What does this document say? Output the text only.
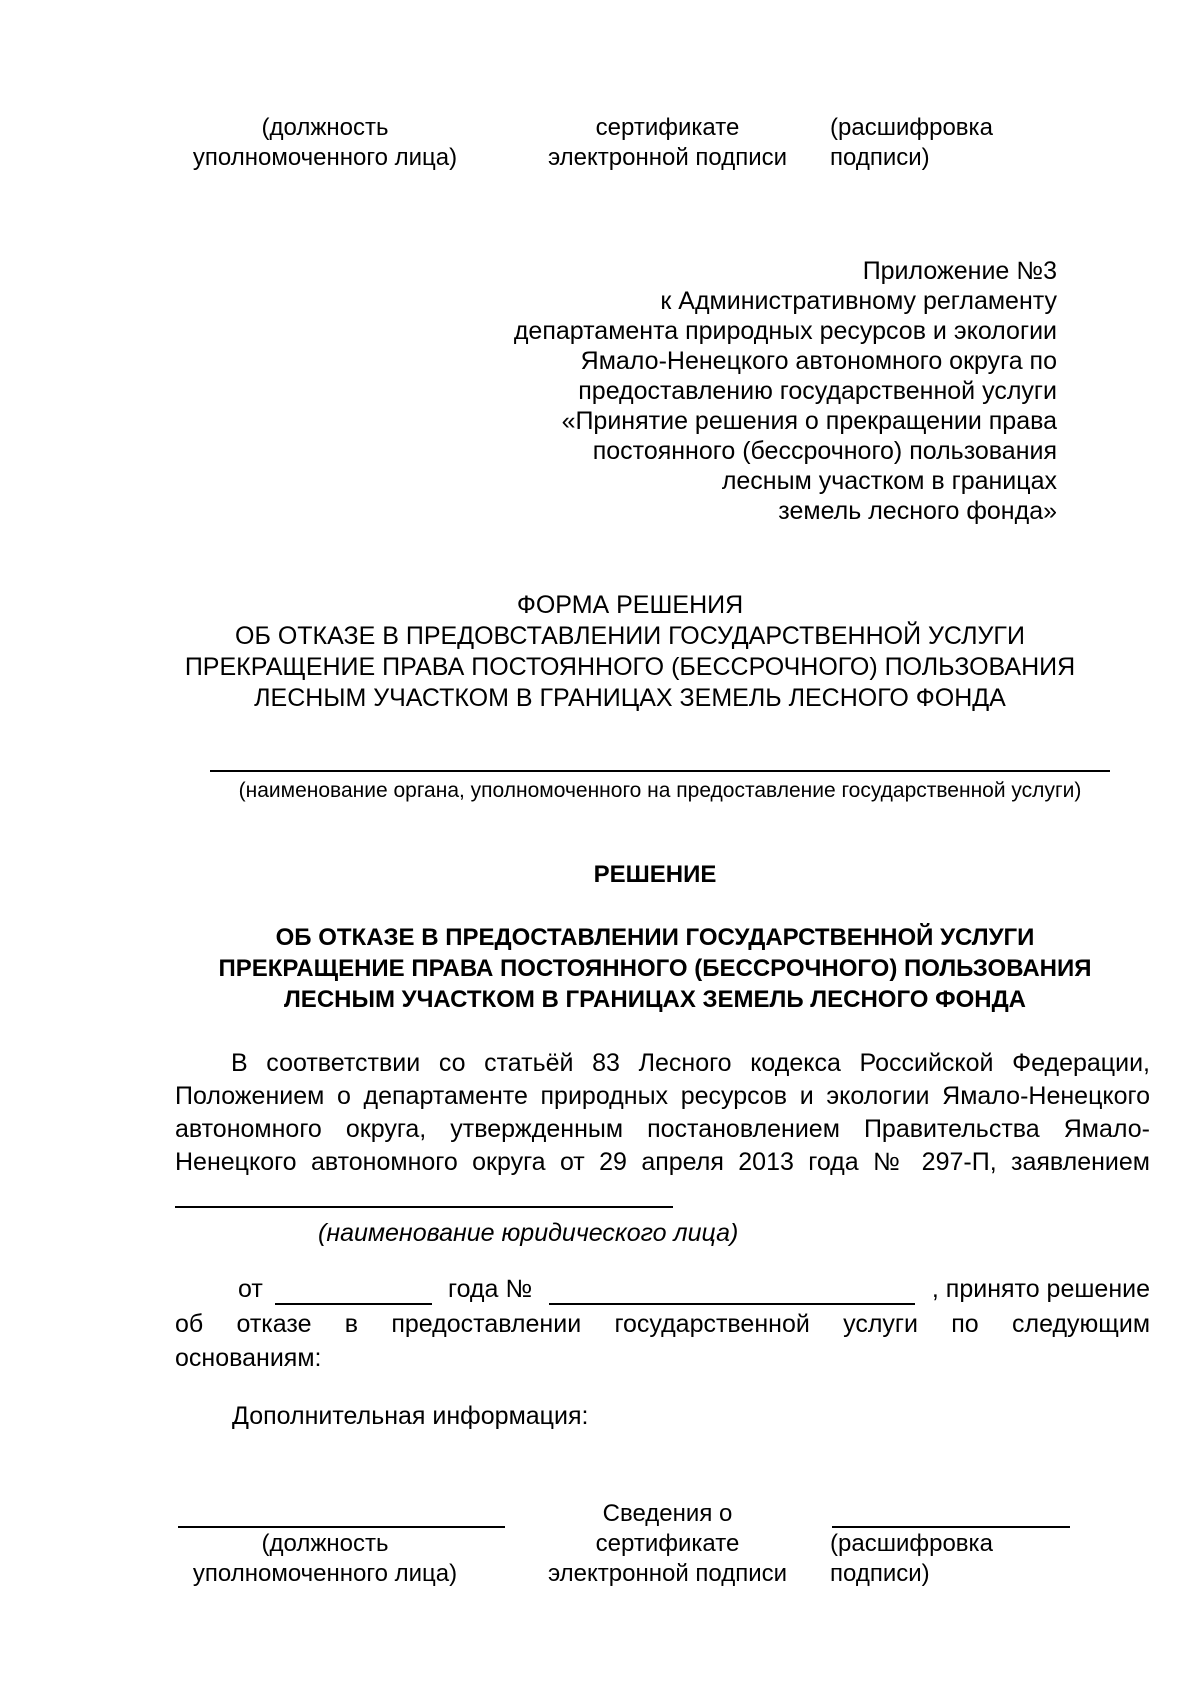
(должность
уполномоченного лица)
сертификате
электронной подписи
(расшифровка
подписи)
Приложение №3
к Административному регламенту
департамента природных ресурсов и экологии
Ямало-Ненецкого автономного округа по
предоставлению государственной услуги
«Принятие решения о прекращении права
постоянного (бессрочного) пользования
лесным участком в границах
земель лесного фонда»
ФОРМА РЕШЕНИЯ
ОБ ОТКАЗЕ В ПРЕДОВСТАВЛЕНИИ ГОСУДАРСТВЕННОЙ УСЛУГИ
ПРЕКРАЩЕНИЕ ПРАВА ПОСТОЯННОГО (БЕССРОЧНОГО) ПОЛЬЗОВАНИЯ
ЛЕСНЫМ УЧАСТКОМ В ГРАНИЦАХ ЗЕМЕЛЬ ЛЕСНОГО ФОНДА
(наименование органа, уполномоченного на предоставление государственной услуги)
РЕШЕНИЕ
ОБ ОТКАЗЕ В ПРЕДОСТАВЛЕНИИ ГОСУДАРСТВЕННОЙ УСЛУГИ
ПРЕКРАЩЕНИЕ ПРАВА ПОСТОЯННОГО (БЕССРОЧНОГО) ПОЛЬЗОВАНИЯ
ЛЕСНЫМ УЧАСТКОМ В ГРАНИЦАХ ЗЕМЕЛЬ ЛЕСНОГО ФОНДА
В соответствии со статьёй 83 Лесного кодекса Российской Федерации,
Положением о департаменте природных ресурсов и экологии Ямало-Ненецкого
автономного округа, утвержденным постановлением Правительства Ямало-
Ненецкого автономного округа от 29 апреля 2013 года № 297-П, заявлением
(наименование юридического лица)
от	года №	, принято решение
об отказе в предоставлении государственной услуги по следующим
основаниям:
Дополнительная информация:
(должность
уполномоченного лица)
Сведения о
сертификате
электронной подписи
(расшифровка
подписи)
